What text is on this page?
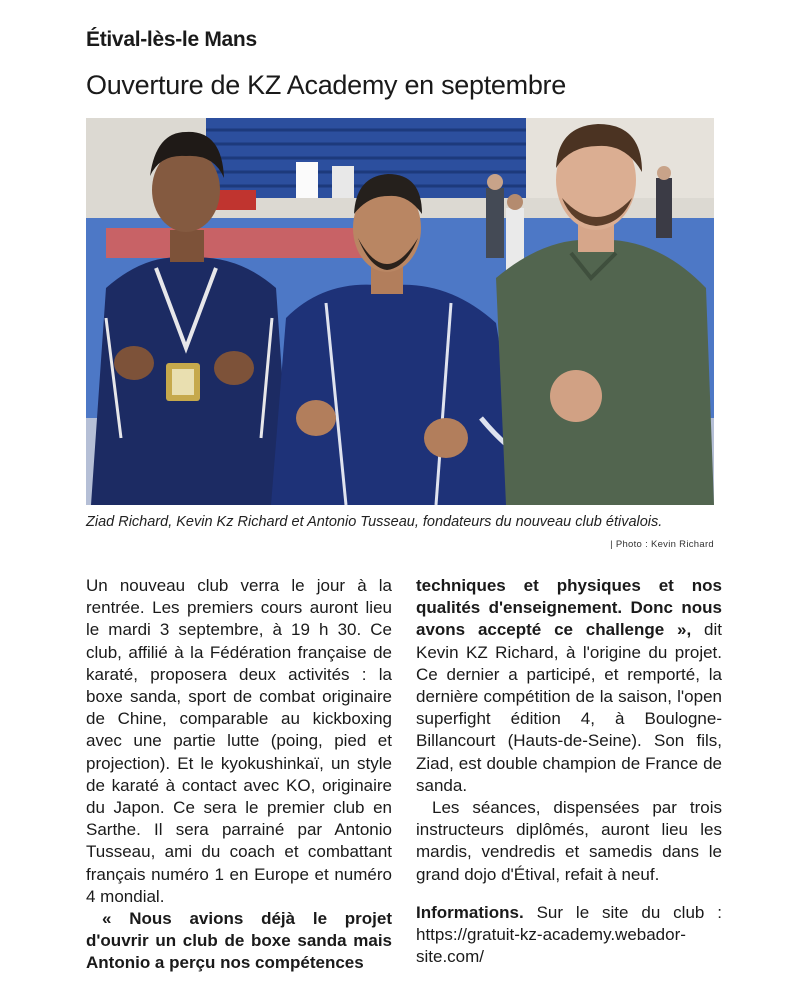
Étival-lès-le Mans
Ouverture de KZ Academy en septembre
Ziad Richard, Kevin Kz Richard et Antonio Tusseau, fondateurs du nouveau club étivalois.
| Photo : Kevin Richard

Un nouveau club verra le jour à la rentrée. Les premiers cours auront lieu le mardi 3 septembre, à 19 h 30. Ce club, affilié à la Fédération française de karaté, proposera deux activités : la boxe sanda, sport de combat originaire de Chine, comparable au kickboxing avec une partie lutte (poing, pied et projection). Et le kyokushinkaï, un style de karaté à contact avec KO, originaire du Japon. Ce sera le premier club en Sarthe. Il sera parrainé par Antonio Tusseau, ami du coach et combattant français numéro 1 en Europe et numéro 4 mondial.

« Nous avions déjà le projet d'ouvrir un club de boxe sanda mais Antonio a perçu nos compétences

techniques et physiques et nos qualités d'enseignement. Donc nous avons accepté ce challenge », dit Kevin KZ Richard, à l'origine du projet. Ce dernier a participé, et remporté, la dernière compétition de la saison, l'open superfight édition 4, à Boulogne-Billancourt (Hauts-de-Seine). Son fils, Ziad, est double champion de France de sanda.

Les séances, dispensées par trois instructeurs diplômés, auront lieu les mardis, vendredis et samedis dans le grand dojo d'Étival, refait à neuf.

Informations. Sur le site du club : https://gratuit-kz-academy.webador-site.com/
